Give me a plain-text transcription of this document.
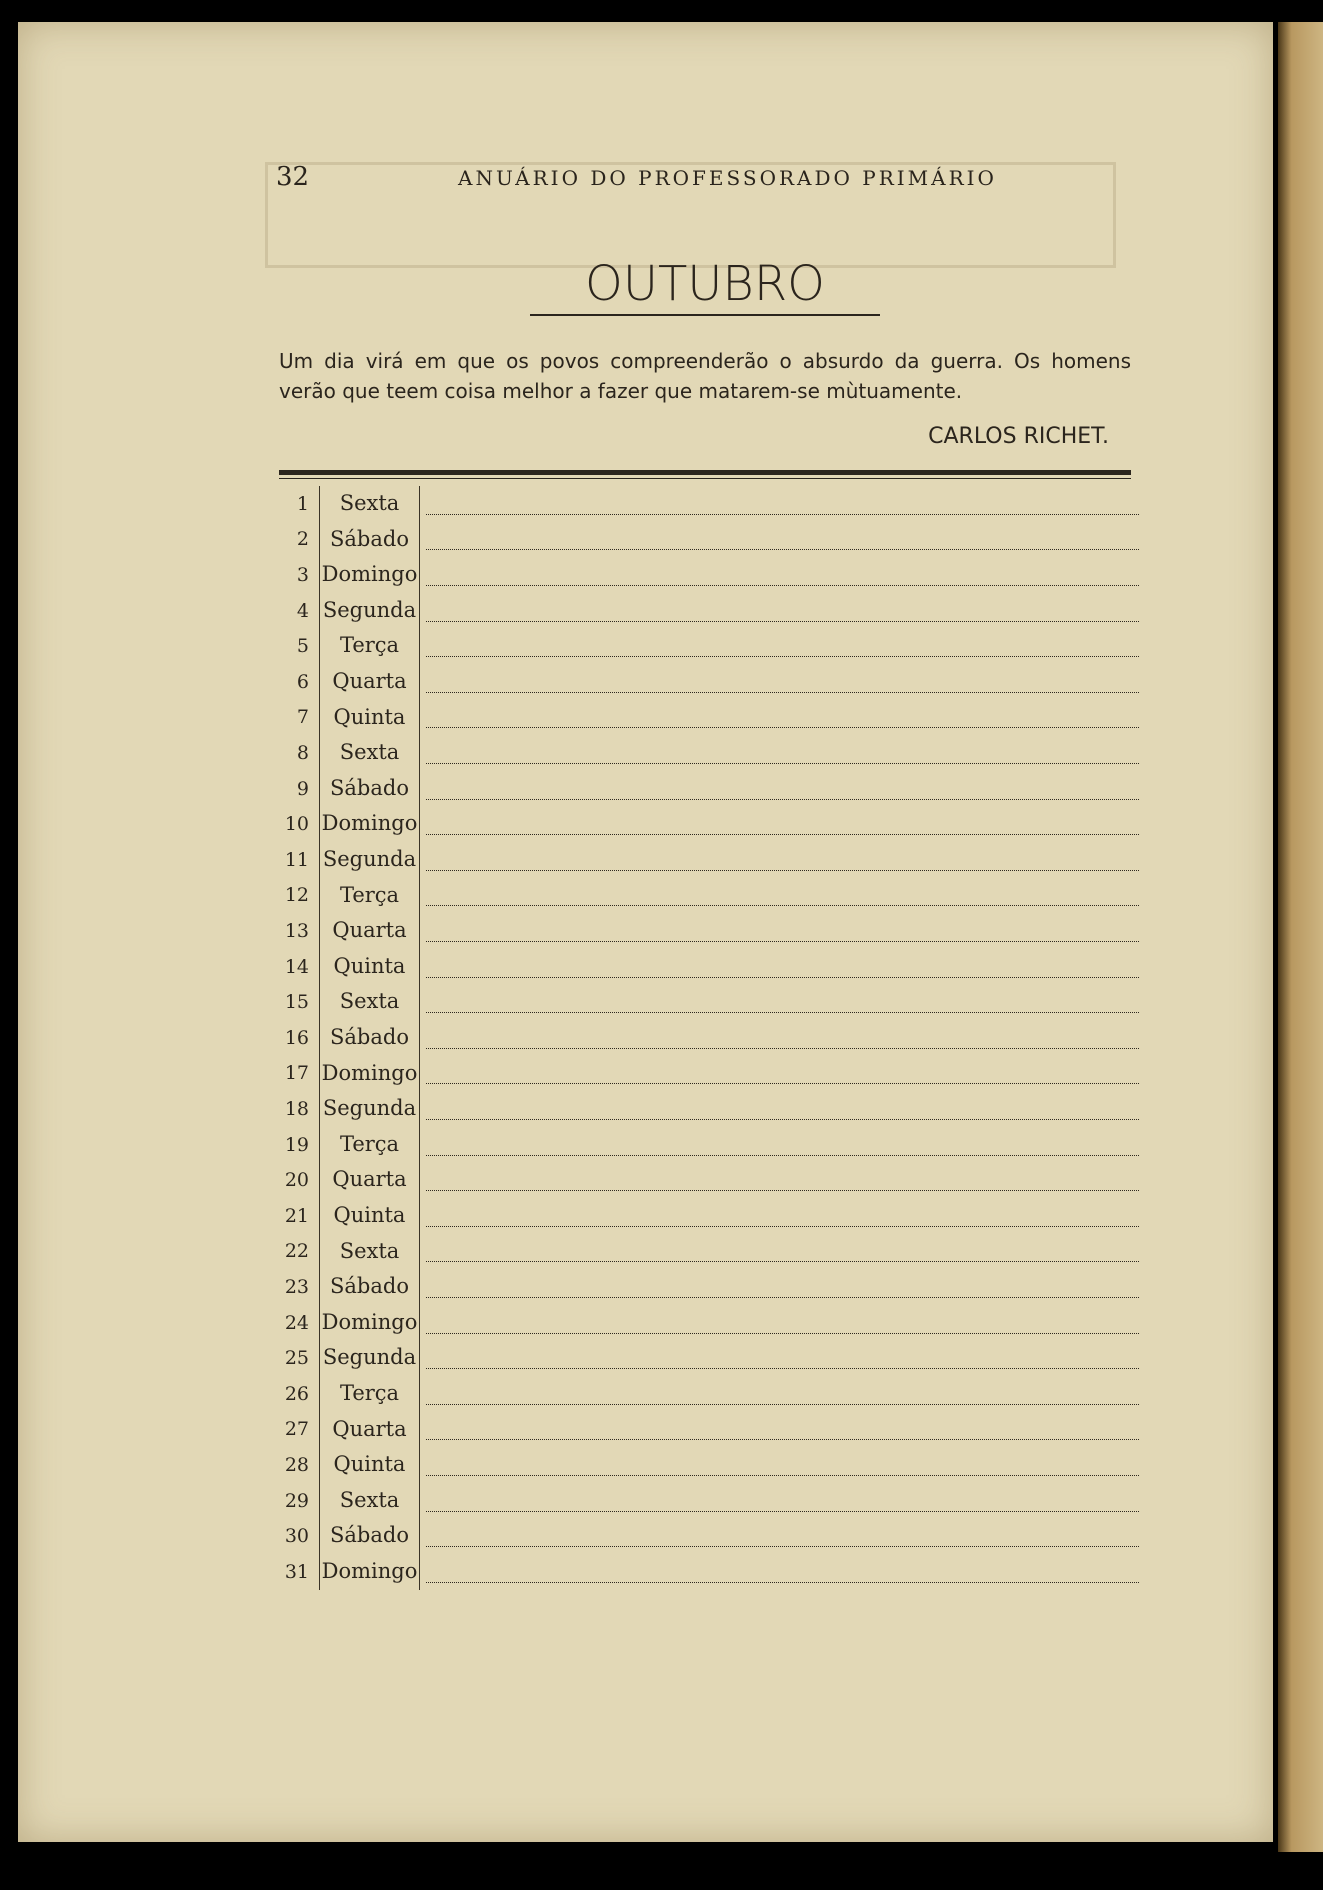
32	ANUÁRIO DO PROFESSORADO PRIMÁRIO
OUTUBRO
Um dia virá em que os povos compreenderão o absurdo da guerra. Os homens verão que teem coisa melhor a fazer que matarem-se mùtuamente.
CARLOS RICHET.
1	Sexta
2	Sábado
3 Domingo
4 Segunda
5	Terça
6	Quarta
7	Quinta
8	Sexta
9	Sábado
10 Domingo
11 Segunda
12	Terça
13	Quarta
14	Quinta
15	Sexta
16	Sábado
17 Domingo
18 Segunda
19	Terça
20	Quarta
21	Quinta
22	Sexta
23	Sábado
24 Domingo
25 Segunda
26	Terça
27	Quarta
28	Quinta
29	Sexta
30	Sábado
31 Domingo
